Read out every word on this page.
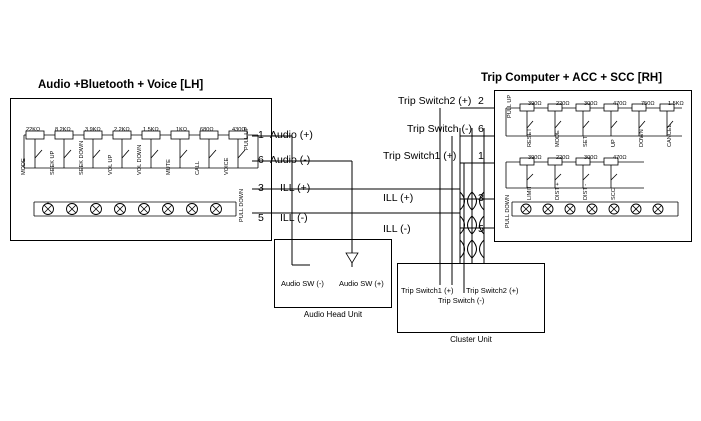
Audio +Bluetooth + Voice [LH]
Trip Computer + ACC + SCC [RH]
22KΩ	8.2KΩ	3.9KΩ 2.2KΩ 1.5KΩ	1KΩ 680Ω	430Ω
MODE	SEEK UP	SEEK DOWN	VOL UP	VOL DOWN	MUTE	CALL	VOICE
PULL UP
PULL DOWN
1 Audio (+)
6 Audio (-)
3 ILL (+)
5 ILL (-)
390Ω	220Ω	300Ω	470Ω	750Ω 1.5KΩ
RESET	MODE	SET	UP	DOWN	CANCEL
390Ω	220Ω	300Ω	470Ω
LIMIT	DIST +	DIST -	SCC
PULL UP
PULL DOWN
Trip Switch2 (+) 2
Trip Switch (-) 6
Trip Switch1 (+) 1
ILL (+)	3
ILL (-)	5
Audio SW (-) Audio SW (+)
Audio Head Unit
Trip Switch1 (+) Trip Switch2 (+)
Trip Switch (-)
Cluster Unit
